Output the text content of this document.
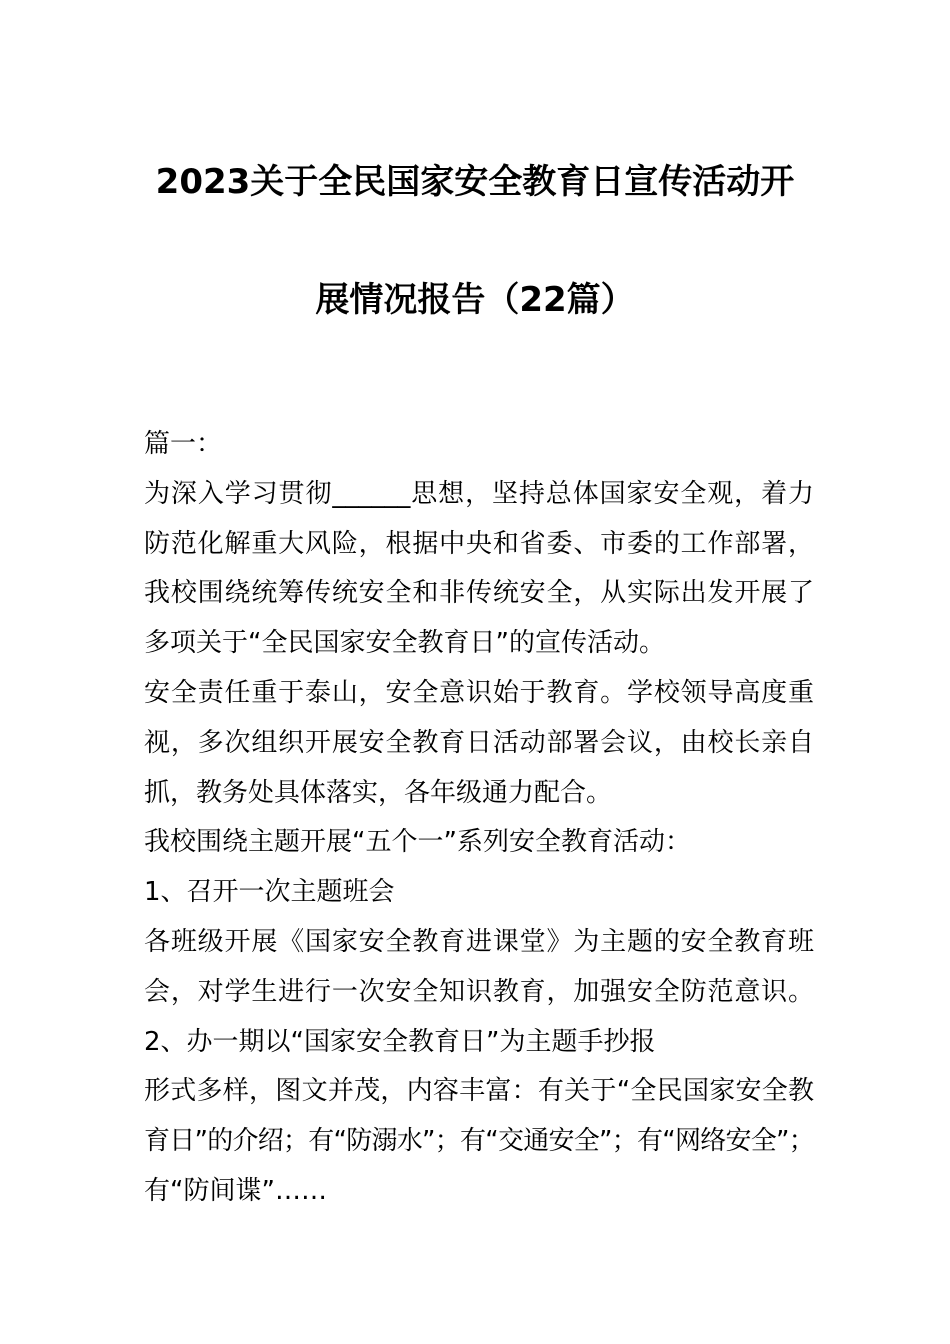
2023关于全民国家安全教育日宣传活动开
展情况报告（22篇）

篇一：

为深入学习贯彻______思想，坚持总体国家安全观，着力

防范化解重大风险，根据中央和省委、市委的工作部署，

我校围绕统筹传统安全和非传统安全，从实际出发开展了

多项关于“全民国家安全教育日”的宣传活动。

安全责任重于泰山，安全意识始于教育。学校领导高度重

视，多次组织开展安全教育日活动部署会议，由校长亲自

抓，教务处具体落实，各年级通力配合。

我校围绕主题开展“五个一”系列安全教育活动：

1、召开一次主题班会

各班级开展《国家安全教育进课堂》为主题的安全教育班

会，对学生进行一次安全知识教育，加强安全防范意识。

2、办一期以“国家安全教育日”为主题手抄报

形式多样，图文并茂，内容丰富：有关于“全民国家安全教

育日”的介绍；有“防溺水”；有“交通安全”；有“网络安全”；

有“防间谍”……
